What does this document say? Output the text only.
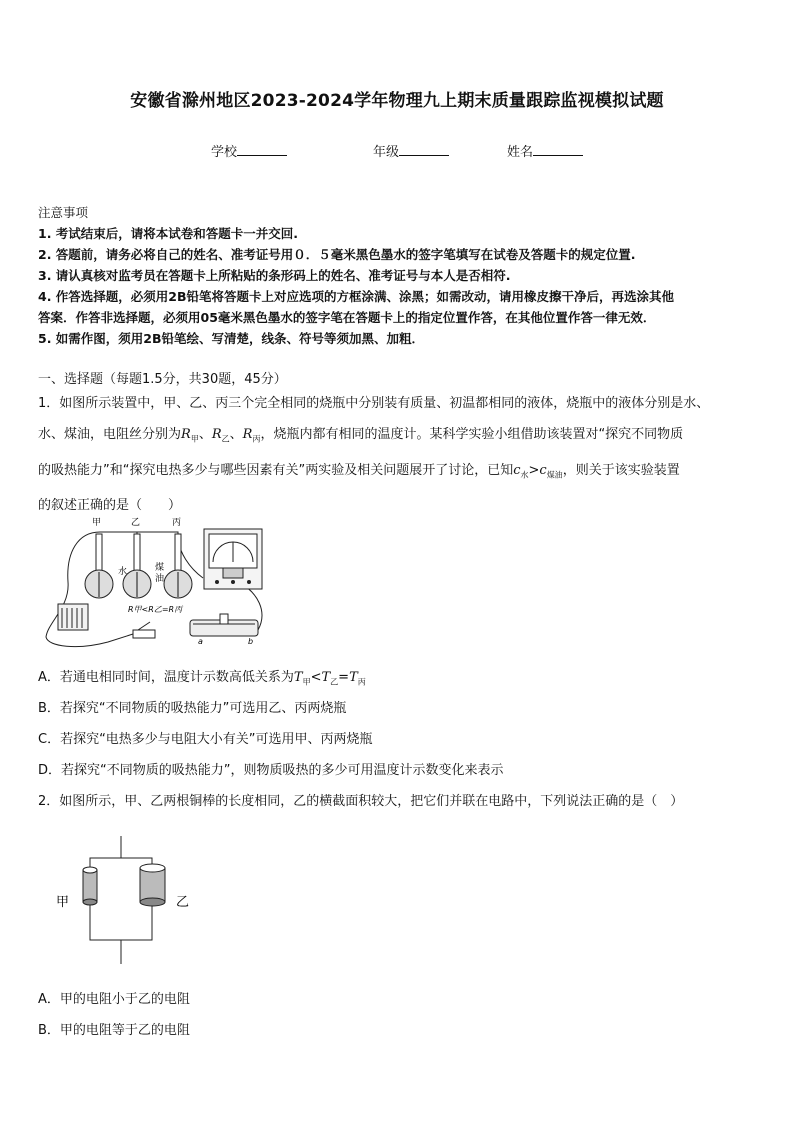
安徽省滁州地区2023-2024学年物理九上期末质量跟踪监视模拟试题
学校	年级	姓名
注意事项
1. 考试结束后，请将本试卷和答题卡一并交回.
2. 答题前，请务必将自己的姓名、准考证号用０．５毫米黑色墨水的签字笔填写在试卷及答题卡的规定位置.
3. 请认真核对监考员在答题卡上所粘贴的条形码上的姓名、准考证号与本人是否相符.
4. 作答选择题，必须用2B铅笔将答题卡上对应选项的方框涂满、涂黑；如需改动，请用橡皮擦干净后，再选涂其他
答案．作答非选择题，必须用05毫米黑色墨水的签字笔在答题卡上的指定位置作答，在其他位置作答一律无效．
5. 如需作图，须用2B铅笔绘、写清楚，线条、符号等须加黑、加粗．
一、选择题（每题1.5分，共30题，45分）
1．如图所示装置中，甲、乙、丙三个完全相同的烧瓶中分别装有质量、初温都相同的液体，烧瓶中的液体分别是水、
水、煤油，电阻丝分别为$R_甲$、$R_乙$、$R_丙$，烧瓶内都有相同的温度计。某科学实验小组借助该装置对“探究不同物质
的吸热能力”和“探究电热多少与哪些因素有关”两实验及相关问题展开了讨论，已知$c_水>c_{煤油}$，则关于该实验装置
的叙述正确的是（　　）
甲	乙	丙
水	煤
油
R甲<R乙=R丙
a	b
A．若通电相同时间，温度计示数高低关系为$T_甲<T_乙=T_丙$
B．若探究“不同物质的吸热能力”可选用乙、丙两烧瓶
C．若探究“电热多少与电阻大小有关”可选用甲、丙两烧瓶
D．若探究“不同物质的吸热能力”，则物质吸热的多少可用温度计示数变化来表示
2．如图所示，甲、乙两根铜棒的长度相同，乙的横截面积较大，把它们并联在电路中，下列说法正确的是（　）
甲	乙
A．甲的电阻小于乙的电阻
B．甲的电阻等于乙的电阻
